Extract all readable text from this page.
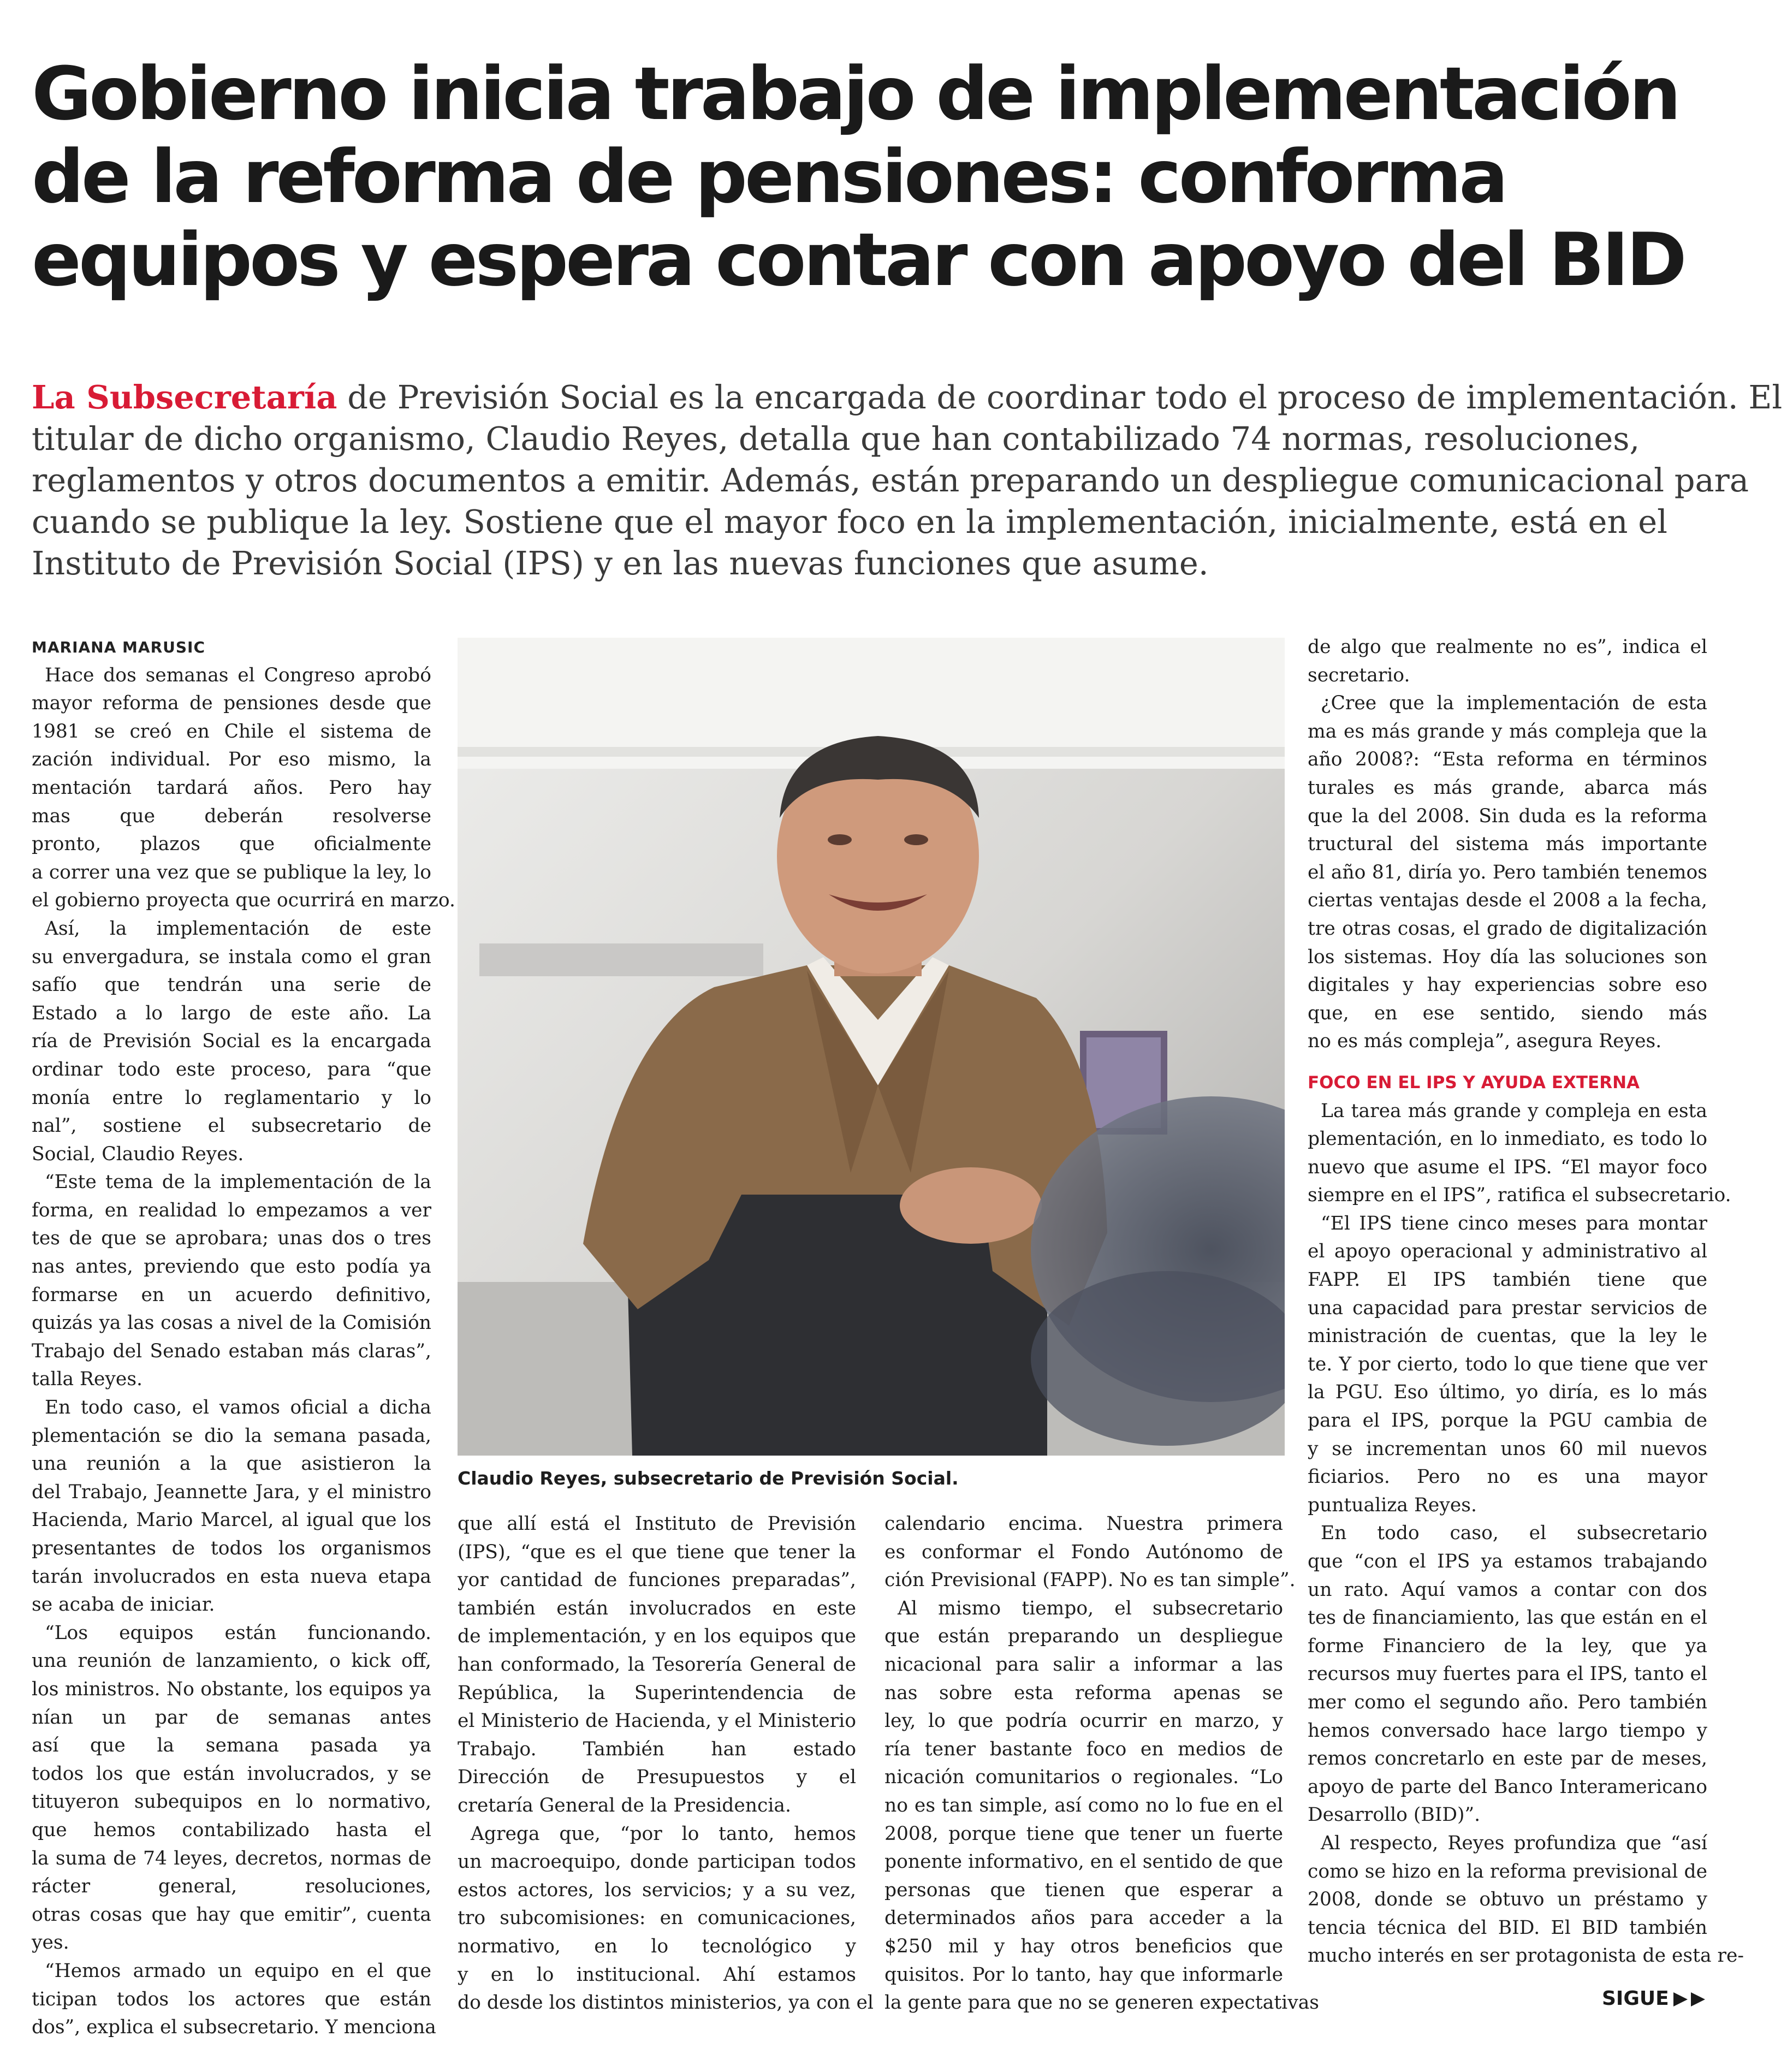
Gobierno inicia trabajo de implementación
de la reforma de pensiones: conforma
equipos y espera contar con apoyo del BID
La Subsecretaría de Previsión Social es la encargada de coordinar todo el proceso de implementación. El
titular de dicho organismo, Claudio Reyes, detalla que han contabilizado 74 normas, resoluciones,
reglamentos y otros documentos a emitir. Además, están preparando un despliegue comunicacional para
cuando se publique la ley. Sostiene que el mayor foco en la implementación, inicialmente, está en el
Instituto de Previsión Social (IPS) y en las nuevas funciones que asume.
MARIANA MARUSIC
Hace dos semanas el Congreso aprobó
mayor reforma de pensiones desde que
1981 se creó en Chile el sistema de
zación individual. Por eso mismo, la
mentación tardará años. Pero hay
mas que deberán resolverse
pronto, plazos que oficialmente
a correr una vez que se publique la ley, lo
el gobierno proyecta que ocurrirá en marzo.
Así, la implementación de este
su envergadura, se instala como el gran
safío que tendrán una serie de
Estado a lo largo de este año. La
ría de Previsión Social es la encargada
ordinar todo este proceso, para “que
monía entre lo reglamentario y lo
nal”, sostiene el subsecretario de
Social, Claudio Reyes.
“Este tema de la implementación de la
forma, en realidad lo empezamos a ver
tes de que se aprobara; unas dos o tres
nas antes, previendo que esto podía ya
formarse en un acuerdo definitivo,
quizás ya las cosas a nivel de la Comisión
Trabajo del Senado estaban más claras”,
talla Reyes.
En todo caso, el vamos oficial a dicha
plementación se dio la semana pasada,
una reunión a la que asistieron la
del Trabajo, Jeannette Jara, y el ministro
Hacienda, Mario Marcel, al igual que los
presentantes de todos los organismos
tarán involucrados en esta nueva etapa
se acaba de iniciar.
“Los equipos están funcionando.
una reunión de lanzamiento, o kick off,
los ministros. No obstante, los equipos ya
nían un par de semanas antes
así que la semana pasada ya
todos los que están involucrados, y se
tituyeron subequipos en lo normativo,
que hemos contabilizado hasta el
la suma de 74 leyes, decretos, normas de
rácter general, resoluciones,
otras cosas que hay que emitir”, cuenta
yes.
“Hemos armado un equipo en el que
ticipan todos los actores que están
dos”, explica el subsecretario. Y menciona
Claudio Reyes, subsecretario de Previsión Social.
que allí está el Instituto de Previsión
(IPS), “que es el que tiene que tener la
yor cantidad de funciones preparadas”,
también están involucrados en este
de implementación, y en los equipos que
han conformado, la Tesorería General de
República, la Superintendencia de
el Ministerio de Hacienda, y el Ministerio
Trabajo. También han estado
Dirección de Presupuestos y el
cretaría General de la Presidencia.
Agrega que, “por lo tanto, hemos
un macroequipo, donde participan todos
estos actores, los servicios; y a su vez,
tro subcomisiones: en comunicaciones,
normativo, en lo tecnológico y
y en lo institucional. Ahí estamos
do desde los distintos ministerios, ya con el
calendario encima. Nuestra primera
es conformar el Fondo Autónomo de
ción Previsional (FAPP). No es tan simple”.
Al mismo tiempo, el subsecretario
que están preparando un despliegue
nicacional para salir a informar a las
nas sobre esta reforma apenas se
ley, lo que podría ocurrir en marzo, y
ría tener bastante foco en medios de
nicación comunitarios o regionales. “Lo
no es tan simple, así como no lo fue en el
2008, porque tiene que tener un fuerte
ponente informativo, en el sentido de que
personas que tienen que esperar a
determinados años para acceder a la
$250 mil y hay otros beneficios que
quisitos. Por lo tanto, hay que informarle
la gente para que no se generen expectativas
de algo que realmente no es”, indica el
secretario.
¿Cree que la implementación de esta
ma es más grande y más compleja que la
año 2008?: “Esta reforma en términos
turales es más grande, abarca más
que la del 2008. Sin duda es la reforma
tructural del sistema más importante
el año 81, diría yo. Pero también tenemos
ciertas ventajas desde el 2008 a la fecha,
tre otras cosas, el grado de digitalización
los sistemas. Hoy día las soluciones son
digitales y hay experiencias sobre eso
que, en ese sentido, siendo más
no es más compleja”, asegura Reyes.
FOCO EN EL IPS Y AYUDA EXTERNA
La tarea más grande y compleja en esta
plementación, en lo inmediato, es todo lo
nuevo que asume el IPS. “El mayor foco
siempre en el IPS”, ratifica el subsecretario.
“El IPS tiene cinco meses para montar
el apoyo operacional y administrativo al
FAPP. El IPS también tiene que
una capacidad para prestar servicios de
ministración de cuentas, que la ley le
te. Y por cierto, todo lo que tiene que ver
la PGU. Eso último, yo diría, es lo más
para el IPS, porque la PGU cambia de
y se incrementan unos 60 mil nuevos
ficiarios. Pero no es una mayor
puntualiza Reyes.
En todo caso, el subsecretario
que “con el IPS ya estamos trabajando
un rato. Aquí vamos a contar con dos
tes de financiamiento, las que están en el
forme Financiero de la ley, que ya
recursos muy fuertes para el IPS, tanto el
mer como el segundo año. Pero también
hemos conversado hace largo tiempo y
remos concretarlo en este par de meses,
apoyo de parte del Banco Interamericano
Desarrollo (BID)”.
Al respecto, Reyes profundiza que “así
como se hizo en la reforma previsional de
2008, donde se obtuvo un préstamo y
tencia técnica del BID. El BID también
mucho interés en ser protagonista de esta re-
SIGUE
